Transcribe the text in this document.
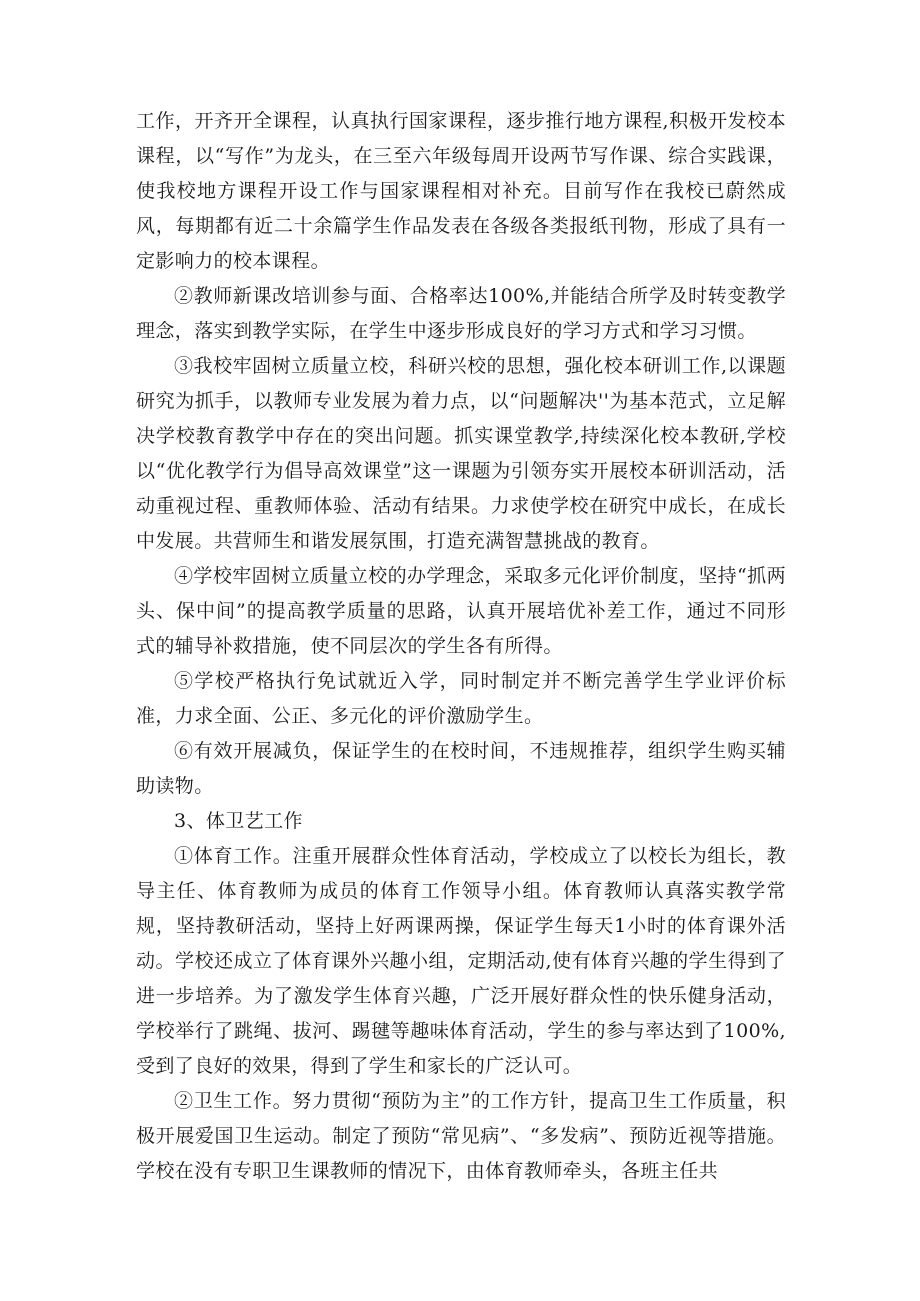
工作，开齐开全课程，认真执行国家课程，逐步推行地方课程,积极开发校本课程，以“写作”为龙头，在三至六年级每周开设两节写作课、综合实践课，使我校地方课程开设工作与国家课程相对补充。目前写作在我校已蔚然成风，每期都有近二十余篇学生作品发表在各级各类报纸刊物，形成了具有一定影响力的校本课程。

②教师新课改培训参与面、合格率达100%,并能结合所学及时转变教学理念，落实到教学实际，在学生中逐步形成良好的学习方式和学习习惯。

③我校牢固树立质量立校，科研兴校的思想，强化校本研训工作,以课题研究为抓手，以教师专业发展为着力点，以“问题解决''为基本范式，立足解决学校教育教学中存在的突出问题。抓实课堂教学,持续深化校本教研,学校以“优化教学行为倡导高效课堂”这一课题为引领夯实开展校本研训活动，活动重视过程、重教师体验、活动有结果。力求使学校在研究中成长，在成长中发展。共营师生和谐发展氛围，打造充满智慧挑战的教育。

④学校牢固树立质量立校的办学理念，采取多元化评价制度，坚持“抓两头、保中间”的提高教学质量的思路，认真开展培优补差工作，通过不同形式的辅导补救措施，使不同层次的学生各有所得。

⑤学校严格执行免试就近入学，同时制定并不断完善学生学业评价标准，力求全面、公正、多元化的评价激励学生。

⑥有效开展减负，保证学生的在校时间，不违规推荐，组织学生购买辅助读物。

3、体卫艺工作

①体育工作。注重开展群众性体育活动，学校成立了以校长为组长，教导主任、体育教师为成员的体育工作领导小组。体育教师认真落实教学常规，坚持教研活动，坚持上好两课两操，保证学生每天1小时的体育课外活动。学校还成立了体育课外兴趣小组，定期活动,使有体育兴趣的学生得到了进一步培养。为了激发学生体育兴趣，广泛开展好群众性的快乐健身活动，学校举行了跳绳、拔河、踢毽等趣味体育活动，学生的参与率达到了100%,受到了良好的效果，得到了学生和家长的广泛认可。

②卫生工作。努力贯彻“预防为主”的工作方针，提高卫生工作质量，积极开展爱国卫生运动。制定了预防“常见病”、“多发病”、预防近视等措施。学校在没有专职卫生课教师的情况下，由体育教师牵头，各班主任共
